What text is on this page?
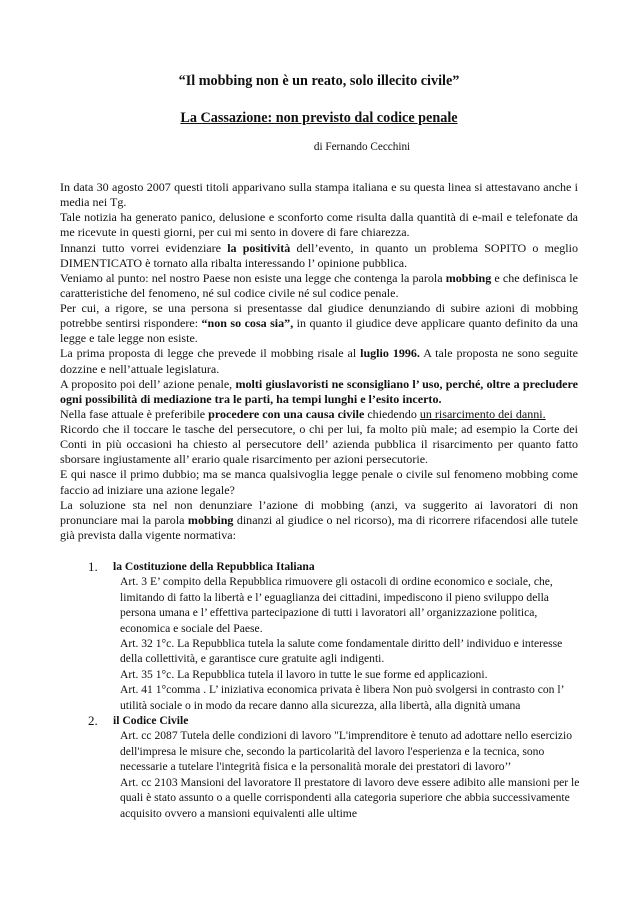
“Il mobbing non è un reato, solo illecito civile”
La Cassazione: non previsto dal codice penale
di Fernando Cecchini

In data 30 agosto 2007 questi titoli apparivano sulla stampa italiana e su questa linea si attestavano anche i media nei Tg.

Tale notizia ha generato panico, delusione e sconforto come risulta dalla quantità di e-mail e telefonate da me ricevute in questi giorni, per cui mi sento in dovere di fare chiarezza.

Innanzi tutto vorrei evidenziare la positività dell’evento, in quanto un problema SOPITO o meglio DIMENTICATO è tornato alla ribalta interessando l’ opinione pubblica.

Veniamo al punto: nel nostro Paese non esiste una legge che contenga la parola mobbing e che definisca le caratteristiche del fenomeno, né sul codice civile né sul codice penale.

Per cui, a rigore, se una persona si presentasse dal giudice denunziando di subire azioni di mobbing potrebbe sentirsi rispondere: “non so cosa sia”, in quanto il giudice deve applicare quanto definito da una legge e tale legge non esiste.

La prima proposta di legge che prevede il mobbing risale al luglio 1996. A tale proposta ne sono seguite dozzine e nell’attuale legislatura.

A proposito poi dell’ azione penale, molti giuslavoristi ne sconsigliano l’ uso, perché, oltre a precludere ogni possibilità di mediazione tra le parti, ha tempi lunghi e l’esito incerto.

Nella fase attuale è preferibile procedere con una causa civile chiedendo un risarcimento dei danni.

Ricordo che il toccare le tasche del persecutore, o chi per lui, fa molto più male; ad esempio la Corte dei Conti in più occasioni ha chiesto al persecutore dell’ azienda pubblica il risarcimento per quanto fatto sborsare ingiustamente all’ erario quale risarcimento per azioni persecutorie.

E qui nasce il primo dubbio; ma se manca qualsivoglia legge penale o civile sul fenomeno mobbing come faccio ad iniziare una azione legale?

La soluzione sta nel non denunziare l’azione di mobbing (anzi, va suggerito ai lavoratori di non pronunciare mai la parola mobbing dinanzi al giudice o nel ricorso), ma di ricorrere rifacendosi alle tutele già prevista dalla vigente normativa:

1.	la Costituzione della Repubblica Italiana

Art. 3 E’ compito della Repubblica rimuovere gli ostacoli di ordine economico e sociale, che, limitando di fatto la libertà e l’ eguaglianza dei cittadini, impediscono il pieno sviluppo della persona umana e l’ effettiva partecipazione di tutti i lavoratori all’ organizzazione politica, economica e sociale del Paese.

Art. 32 1°c. La Repubblica tutela la salute come fondamentale diritto dell’ individuo e interesse della collettività, e garantisce cure gratuite agli indigenti.

Art. 35 1°c. La Repubblica tutela il lavoro in tutte le sue forme ed applicazioni.

Art. 41 1°comma . L’ iniziativa economica privata è libera Non può svolgersi in contrasto con l’ utilità sociale o in modo da recare danno alla sicurezza, alla libertà, alla dignità umana

2.	il Codice Civile

Art. cc 2087 Tutela delle condizioni di lavoro "L'imprenditore è tenuto ad adottare nello esercizio dell'impresa le misure che, secondo la particolarità del lavoro l'esperienza e la tecnica, sono necessarie a tutelare l'integrità fisica e la personalità morale dei prestatori di lavoro’’

Art. cc 2103 Mansioni del lavoratore Il prestatore di lavoro deve essere adibito alle mansioni per le quali è stato assunto o a quelle corrispondenti alla categoria superiore che abbia successivamente acquisito ovvero a mansioni equivalenti alle ultime
